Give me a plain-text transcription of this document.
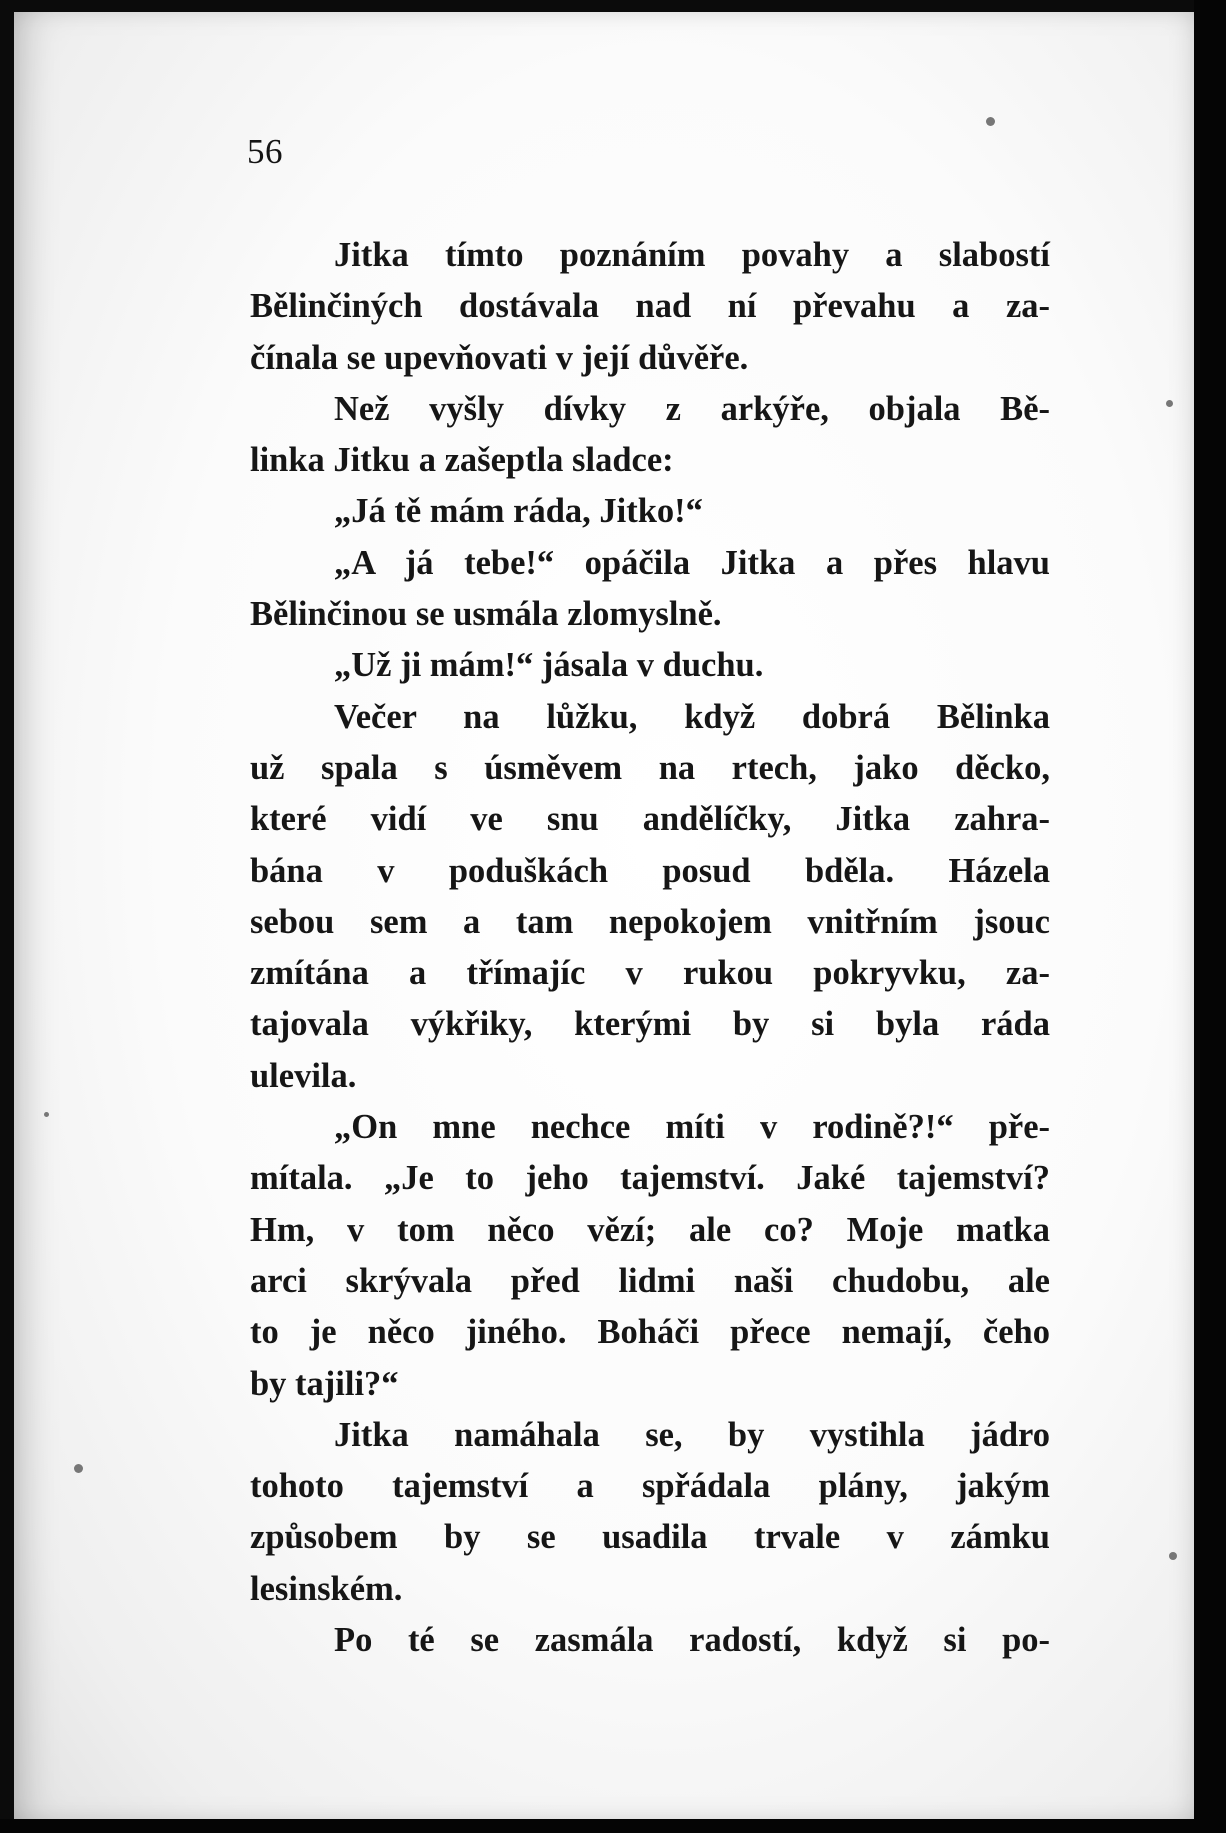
56
Jitka tímto poznáním povahy a slabostí
Bělinčiných dostávala nad ní převahu a za-
čínala se upevňovati v její důvěře.
Než vyšly dívky z arkýře, objala Bě-
linka Jitku a zašeptla sladce:
„Já tě mám ráda, Jitko!“
„A já tebe!“ opáčila Jitka a přes hlavu
Bělinčinou se usmála zlomyslně.
„Už ji mám!“ jásala v duchu.
Večer na lůžku, když dobrá Bělinka
už spala s úsměvem na rtech, jako děcko,
které vidí ve snu andělíčky, Jitka zahra-
bána v poduškách posud bděla. Házela
sebou sem a tam nepokojem vnitřním jsouc
zmítána a třímajíc v rukou pokryvku, za-
tajovala výkřiky, kterými by si byla ráda
ulevila.
„On mne nechce míti v rodině?!“ pře-
mítala. „Je to jeho tajemství. Jaké tajemství?
Hm, v tom něco vězí; ale co? Moje matka
arci skrývala před lidmi naši chudobu, ale
to je něco jiného. Boháči přece nemají, čeho
by tajili?“
Jitka namáhala se, by vystihla jádro
tohoto tajemství a spřádala plány, jakým
způsobem by se usadila trvale v zámku
lesinském.
Po té se zasmála radostí, když si po-
